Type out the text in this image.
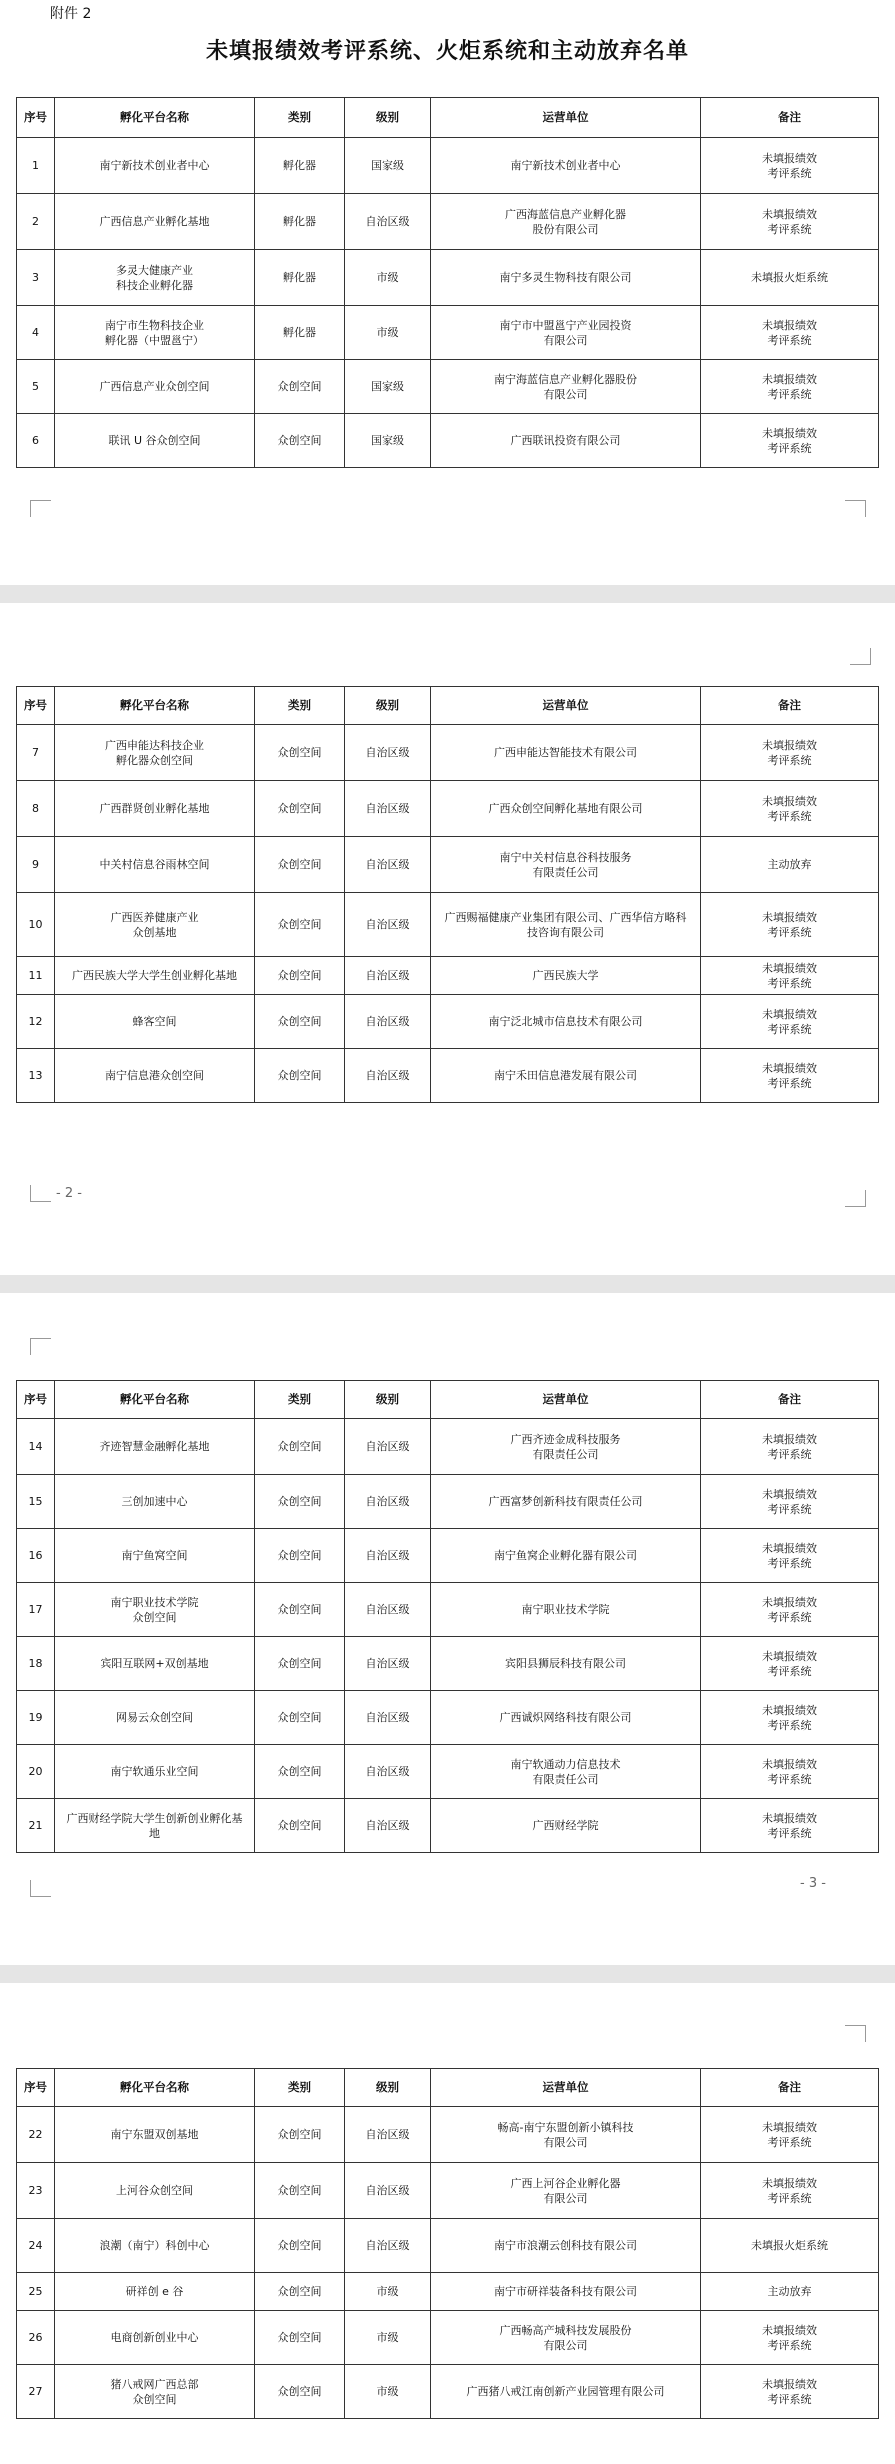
附件 2
未填报绩效考评系统、火炬系统和主动放弃名单
序号	孵化平台名称	类别	级别	运营单位	备注
1	南宁新技术创业者中心	孵化器	国家级	南宁新技术创业者中心	未填报绩效
考评系统
2	广西信息产业孵化基地	孵化器	自治区级	广西海蓝信息产业孵化器
股份有限公司	未填报绩效
考评系统
3	多灵大健康产业
科技企业孵化器	孵化器	市级	南宁多灵生物科技有限公司	未填报火炬系统
4	南宁市生物科技企业
孵化器（中盟邕宁）	孵化器	市级	南宁市中盟邕宁产业园投资
有限公司	未填报绩效
考评系统
5	广西信息产业众创空间	众创空间	国家级	南宁海蓝信息产业孵化器股份
有限公司	未填报绩效
考评系统
6	联讯 U 谷众创空间	众创空间	国家级	广西联讯投资有限公司	未填报绩效
考评系统
序号	孵化平台名称	类别	级别	运营单位	备注
7	广西申能达科技企业
孵化器众创空间	众创空间	自治区级	广西申能达智能技术有限公司	未填报绩效
考评系统
8	广西群贤创业孵化基地	众创空间	自治区级	广西众创空间孵化基地有限公司	未填报绩效
考评系统
9	中关村信息谷雨林空间	众创空间	自治区级	南宁中关村信息谷科技服务
有限责任公司	主动放弃
10	广西医养健康产业
众创基地	众创空间	自治区级	广西赐福健康产业集团有限公司、广西华信方略科
技咨询有限公司	未填报绩效
考评系统
11	广西民族大学大学生创业孵化基地	众创空间	自治区级	广西民族大学	未填报绩效
考评系统
12	蜂客空间	众创空间	自治区级	南宁泛北城市信息技术有限公司	未填报绩效
考评系统
13	南宁信息港众创空间	众创空间	自治区级	南宁禾田信息港发展有限公司	未填报绩效
考评系统
序号	孵化平台名称	类别	级别	运营单位	备注
14	齐迹智慧金融孵化基地	众创空间	自治区级	广西齐迹金成科技服务
有限责任公司	未填报绩效
考评系统
15	三创加速中心	众创空间	自治区级	广西富梦创新科技有限责任公司	未填报绩效
考评系统
16	南宁鱼窝空间	众创空间	自治区级	南宁鱼窝企业孵化器有限公司	未填报绩效
考评系统
17	南宁职业技术学院
众创空间	众创空间	自治区级	南宁职业技术学院	未填报绩效
考评系统
18	宾阳互联网+双创基地	众创空间	自治区级	宾阳县狮辰科技有限公司	未填报绩效
考评系统
19	网易云众创空间	众创空间	自治区级	广西诚炽网络科技有限公司	未填报绩效
考评系统
20	南宁软通乐业空间	众创空间	自治区级	南宁软通动力信息技术
有限责任公司	未填报绩效
考评系统
21	广西财经学院大学生创新创业孵化基
地	众创空间	自治区级	广西财经学院	未填报绩效
考评系统
序号	孵化平台名称	类别	级别	运营单位	备注
22	南宁东盟双创基地	众创空间	自治区级	畅高-南宁东盟创新小镇科技
有限公司	未填报绩效
考评系统
23	上河谷众创空间	众创空间	自治区级	广西上河谷企业孵化器
有限公司	未填报绩效
考评系统
24	浪潮（南宁）科创中心	众创空间	自治区级	南宁市浪潮云创科技有限公司	未填报火炬系统
25	研祥创 e 谷	众创空间	市级	南宁市研祥装备科技有限公司	主动放弃
26	电商创新创业中心	众创空间	市级	广西畅高产城科技发展股份
有限公司	未填报绩效
考评系统
27	猪八戒网广西总部
众创空间	众创空间	市级	广西猪八戒江南创新产业园管理有限公司	未填报绩效
考评系统
- 2 -
- 3 -
